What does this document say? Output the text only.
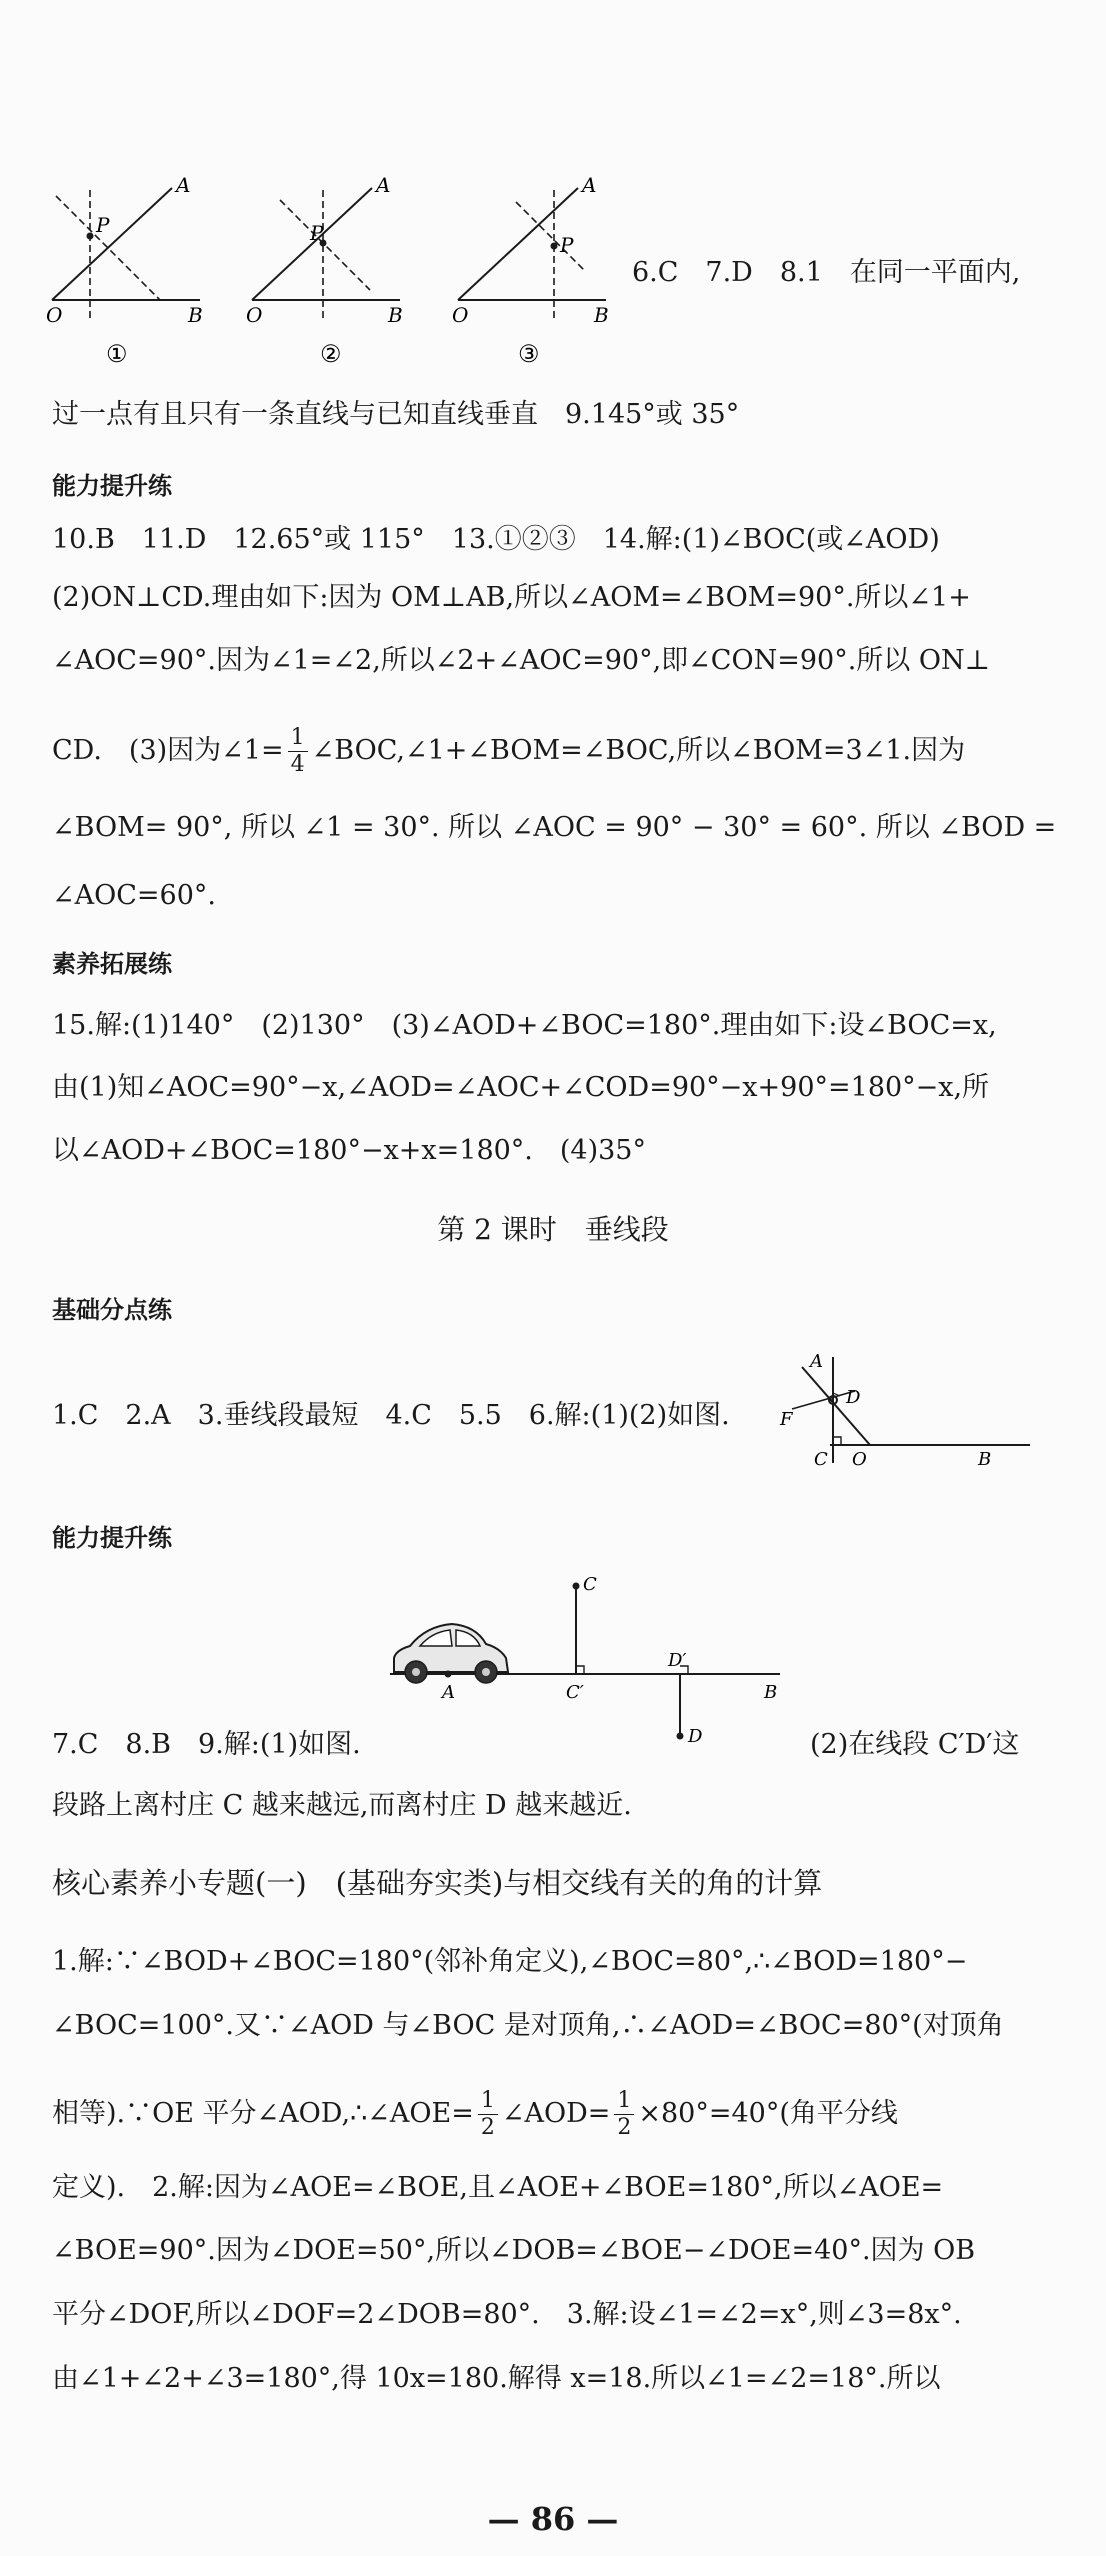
A
P
O	B
①
A
P
O	B
②
A
P
O	B
③
6.C　7.D　8.1　在同一平面内,
过一点有且只有一条直线与已知直线垂直　9.145°或 35°
能力提升练
10.B　11.D　12.65°或 115°　13.①②③　14.解:(1)∠BOC(或∠AOD)
(2)ON⊥CD.理由如下:因为 OM⊥AB,所以∠AOM=∠BOM=90°.所以∠1+
∠AOC=90°.因为∠1=∠2,所以∠2+∠AOC=90°,即∠CON=90°.所以 ON⊥
CD.　(3)因为∠1= $\frac{1}{4}$ ∠BOC,∠1+∠BOM=∠BOC,所以∠BOM=3∠1.因为
∠BOM= 90°, 所以 ∠1 = 30°. 所以 ∠AOC = 90° − 30° = 60°. 所以 ∠BOD =
∠AOC=60°.
素养拓展练
15.解:(1)140°　(2)130°　(3)∠AOD+∠BOC=180°.理由如下:设∠BOC=x,
由(1)知∠AOC=90°−x,∠AOD=∠AOC+∠COD=90°−x+90°=180°−x,所
以∠AOD+∠BOC=180°−x+x=180°.　(4)35°
第 2 课时　垂线段
基础分点练
1.C　2.A　3.垂线段最短　4.C　5.5　6.解:(1)(2)如图.
A
D
F
C O	B
能力提升练
C
C′
D′
B
A
D
7.C　8.B　9.解:(1)如图.	(2)在线段 C′D′这
段路上离村庄 C 越来越远,而离村庄 D 越来越近.
核心素养小专题(一)　(基础夯实类)与相交线有关的角的计算
1.解:∵∠BOD+∠BOC=180°(邻补角定义),∠BOC=80°,∴∠BOD=180°−
∠BOC=100°.又∵∠AOD 与∠BOC 是对顶角,∴∠AOD=∠BOC=80°(对顶角
相等).∵OE 平分∠AOD,∴∠AOE= $\frac{1}{2}$ ∠AOD= $\frac{1}{2} \times 80^\circ=40^\circ$(角平分线
定义).　2.解:因为∠AOE=∠BOE,且∠AOE+∠BOE=180°,所以∠AOE=
∠BOE=90°.因为∠DOE=50°,所以∠DOB=∠BOE−∠DOE=40°.因为 OB
平分∠DOF,所以∠DOF=2∠DOB=80°.　3.解:设∠1=∠2=x°,则∠3=8x°.
由∠1+∠2+∠3=180°,得 10x=180.解得 x=18.所以∠1=∠2=18°.所以
— 86 —
